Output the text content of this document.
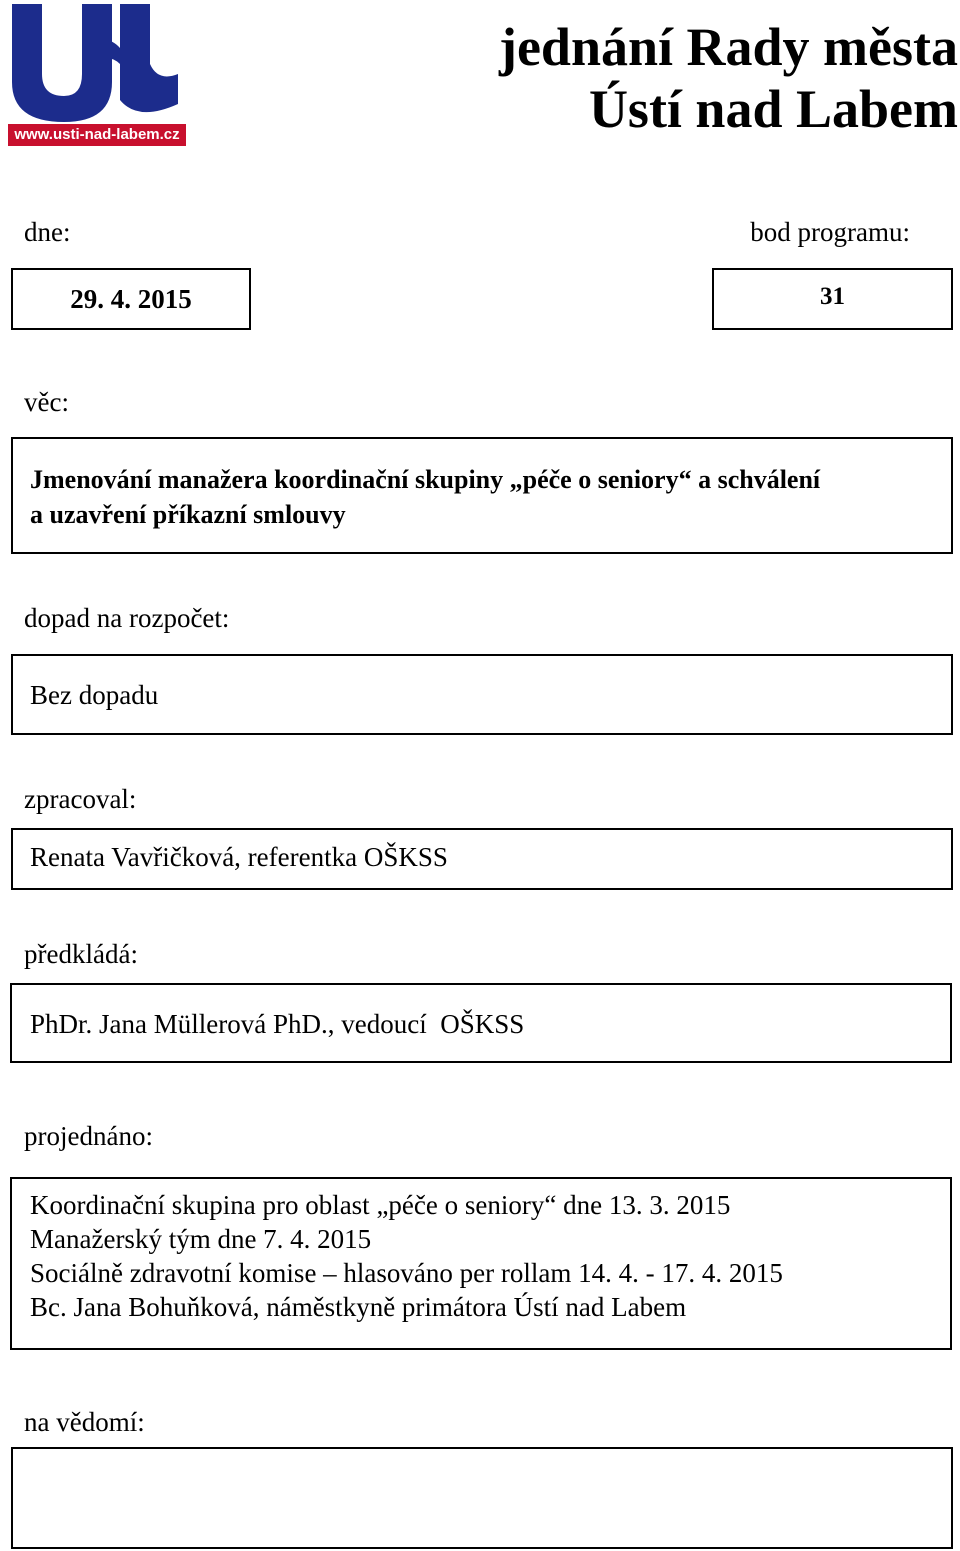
www.usti-nad-labem.cz
jednání Rady města
Ústí nad Labem
dne:	bod programu:
29. 4. 2015	31
věc:
Jmenování manažera koordinační skupiny „péče o seniory“ a schválení
a uzavření příkazní smlouvy
dopad na rozpočet:
Bez dopadu
zpracoval:
Renata Vavřičková, referentka OŠKSS
předkládá:
PhDr. Jana Müllerová PhD., vedoucí  OŠKSS
projednáno:
Koordinační skupina pro oblast „péče o seniory“ dne 13. 3. 2015
Manažerský tým dne 7. 4. 2015
Sociálně zdravotní komise – hlasováno per rollam 14. 4. - 17. 4. 2015
Bc. Jana Bohuňková, náměstkyně primátora Ústí nad Labem
na vědomí:
